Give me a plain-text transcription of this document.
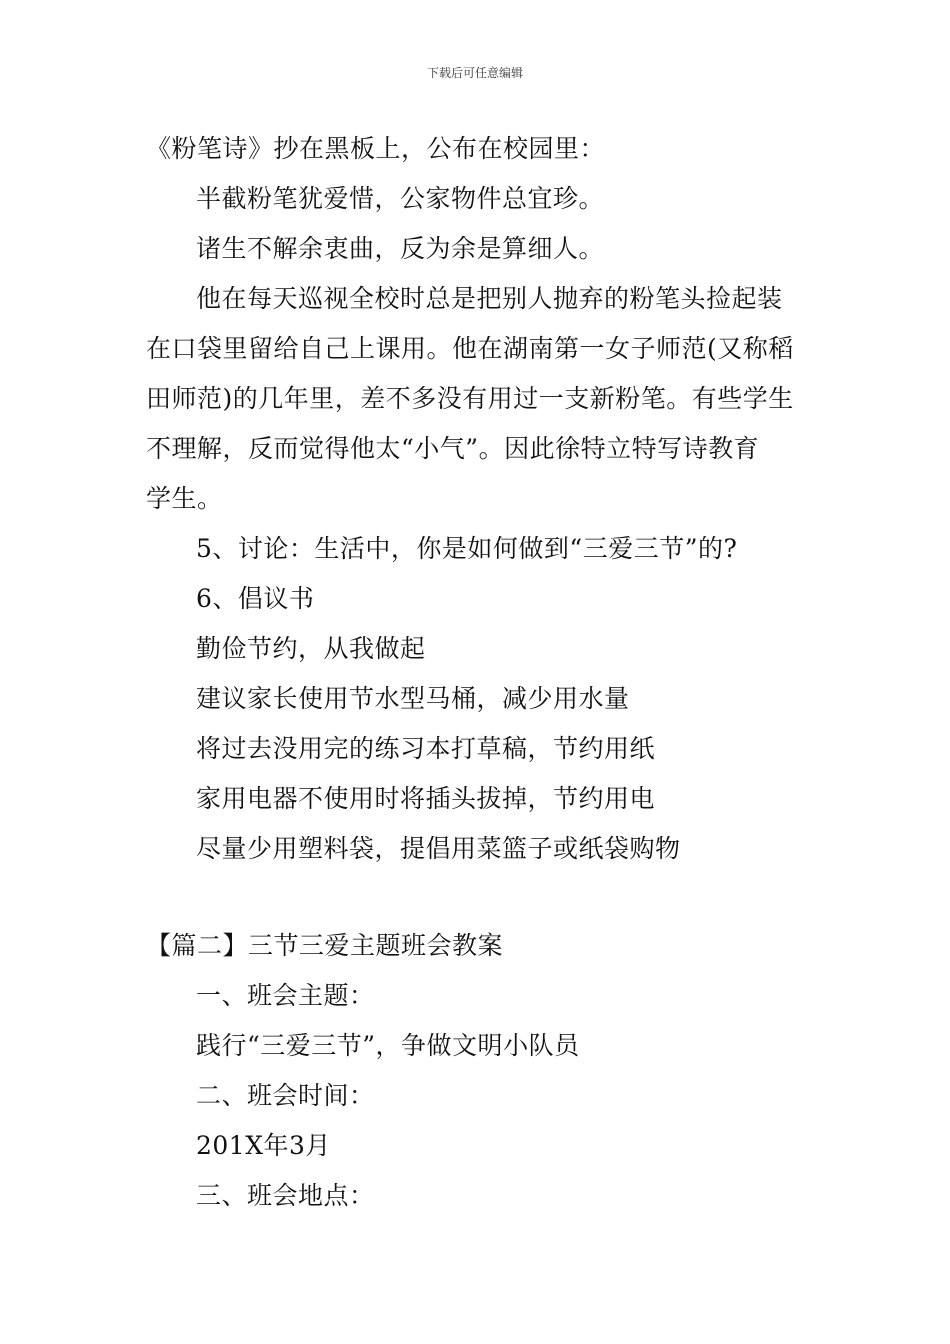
下载后可任意编辑
《粉笔诗》抄在黑板上，公布在校园里：
半截粉笔犹爱惜，公家物件总宜珍。
诸生不解余衷曲，反为余是算细人。
他在每天巡视全校时总是把别人抛弃的粉笔头捡起装
在口袋里留给自己上课用。他在湖南第一女子师范(又称稻
田师范)的几年里，差不多没有用过一支新粉笔。有些学生
不理解，反而觉得他太“小气”。因此徐特立特写诗教育
学生。
5、讨论：生活中，你是如何做到“三爱三节”的?
6、倡议书
勤俭节约，从我做起
建议家长使用节水型马桶，减少用水量
将过去没用完的练习本打草稿，节约用纸
家用电器不使用时将插头拔掉，节约用电
尽量少用塑料袋，提倡用菜篮子或纸袋购物
【篇二】三节三爱主题班会教案
一、班会主题：
践行“三爱三节”，争做文明小队员
二、班会时间：
201X年3月
三、班会地点：
